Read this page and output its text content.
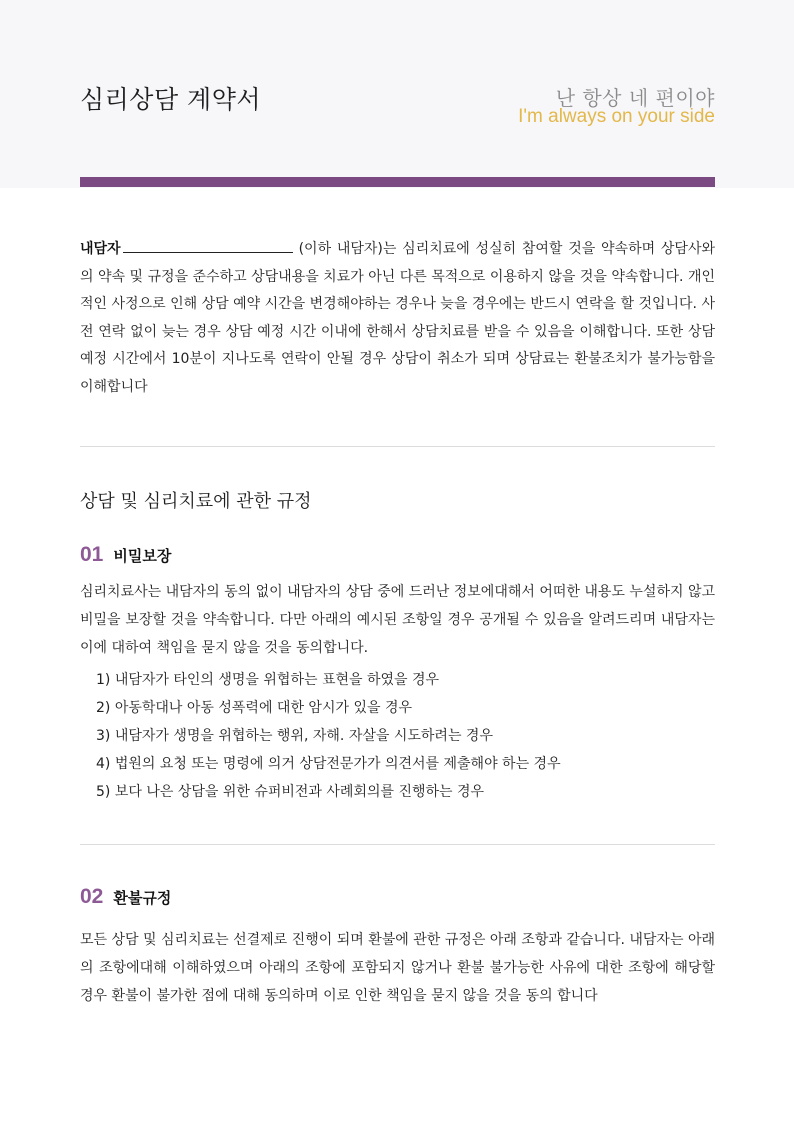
심리상담 계약서	난 항상 네 편이야
I'm always on your side
내담자	(이하 내담자)는 심리치료에 성실히 참여할 것을 약속하며 상담사와의 약속 및 규정을 준수하고 상담내용을 치료가 아닌 다른 목적으로 이용하지 않을 것을 약속합니다. 개인적인 사정으로 인해 상담 예약 시간을 변경해야하는 경우나 늦을 경우에는 반드시 연락을 할 것입니다. 사전 연락 없이 늦는 경우 상담 예정 시간 이내에 한해서 상담치료를 받을 수 있음을 이해합니다. 또한 상담 예정 시간에서 10분이 지나도록 연락이 안될 경우 상담이 취소가 되며 상담료는 환불조치가 불가능함을 이해합니다
상담 및 심리치료에 관한 규정
01 비밀보장
심리치료사는 내담자의 동의 없이 내담자의 상담 중에 드러난 정보에대해서 어떠한 내용도 누설하지 않고 비밀을 보장할 것을 약속합니다. 다만 아래의 예시된 조항일 경우 공개될 수 있음을 알려드리며 내담자는 이에 대하여 책임을 묻지 않을 것을 동의합니다.
1) 내담자가 타인의 생명을 위협하는 표현을 하였을 경우
2) 아동학대나 아동 성폭력에 대한 암시가 있을 경우
3) 내담자가 생명을 위협하는 행위, 자해. 자살을 시도하려는 경우
4) 법원의 요청 또는 명령에 의거 상담전문가가 의견서를 제출해야 하는 경우
5) 보다 나은 상담을 위한 슈퍼비전과 사례회의를 진행하는 경우
02 환불규정
모든 상담 및 심리치료는 선결제로 진행이 되며 환불에 관한 규정은 아래 조항과 같습니다. 내담자는 아래의 조항에대해 이해하였으며 아래의 조항에 포함되지 않거나 환불 불가능한 사유에 대한 조항에 해당할 경우 환불이 불가한 점에 대해 동의하며 이로 인한 책임을 묻지 않을 것을 동의 합니다
